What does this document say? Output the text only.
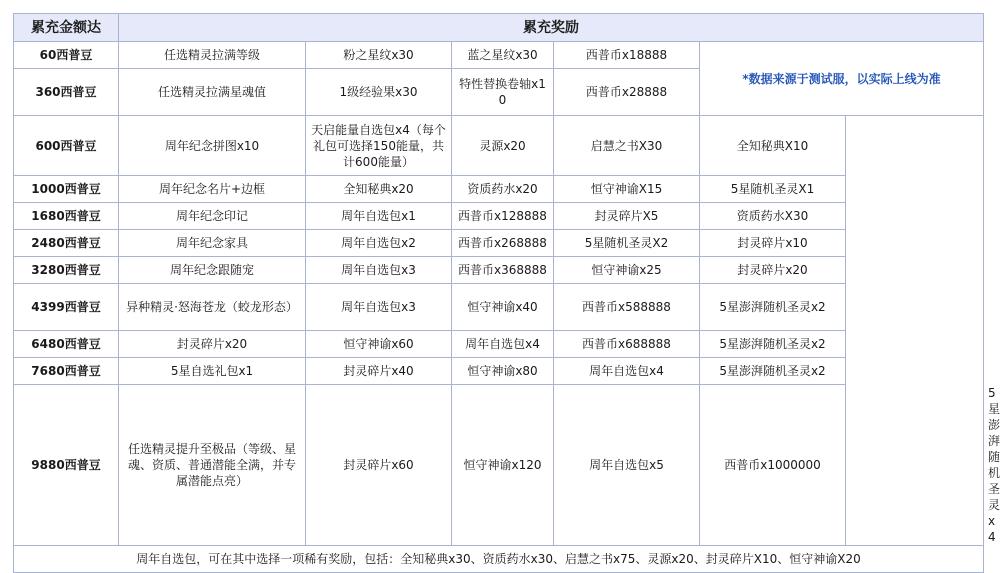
累充金额达	累充奖励						
60西普豆	任选精灵拉满等级	粉之星纹x30	蓝之星纹x30	西普币x18888	*数据来源于测试服，以实际上线为准		
360西普豆	任选精灵拉满星魂值	1级经验果x30	特性替换卷轴x10	西普币x28888			
600西普豆	周年纪念拼图x10	天启能量自选包x4（每个礼包可选择150能量，共计600能量）	灵源x20	启慧之书X30	全知秘典X10		
1000西普豆	周年纪念名片+边框	全知秘典x20	资质药水x20	恒守神谕X15	5星随机圣灵X1		
1680西普豆	周年纪念印记	周年自选包x1	西普币x128888	封灵碎片X5	资质药水X30		
2480西普豆	周年纪念家具	周年自选包x2	西普币x268888	5星随机圣灵X2	封灵碎片x10		
3280西普豆	周年纪念跟随宠	周年自选包x3	西普币x368888	恒守神谕x25	封灵碎片x20		
4399西普豆	异种精灵·怒海苍龙（蛟龙形态）	周年自选包x3	恒守神谕x40	西普币x588888	5星澎湃随机圣灵x2		
6480西普豆	封灵碎片x20	恒守神谕x60	周年自选包x4	西普币x688888	5星澎湃随机圣灵x2		
7680西普豆	5星自选礼包x1	封灵碎片x40	恒守神谕x80	周年自选包x4	5星澎湃随机圣灵x2		
9880西普豆	任选精灵提升至极品（等级、星魂、资质、普通潜能全满，并专属潜能点亮）	封灵碎片x60	恒守神谕x120	周年自选包x5	西普币x1000000		5星澎湃随机圣灵x4
周年自选包，可在其中选择一项稀有奖励，包括：全知秘典x30、资质药水x30、启慧之书x75、灵源x20、封灵碎片X10、恒守神谕X20							
